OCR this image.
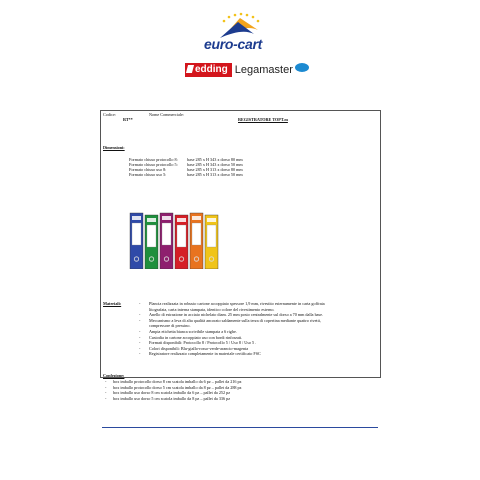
euro-cart
edding Legamaster
Codice:	Nome Commerciale:
RT**	REGISTRATORE TOPT.m
Dimensioni:
Formato chiuso protocollo 8: base 285 x H 343 x dorso 80 mm
Formato chiuso protocollo 5: base 285 x H 343 x dorso 50 mm
Formato chiuso uso 8:	base 285 x H 313 x dorso 80 mm
Formato chiuso uso 5:	base 285 x H 313 x dorso 50 mm
Materiali:	- Plancia realizzata in robusto cartone accoppiato spessore 1,9 mm, rivestito esternamente in carta goffrata
litografata, carta interna stampata, identico colore del rivestimento esterno.
- Anello di estrazione in acciaio nichelato diam. 25 mm posto centralmente sul dorso a 70 mm dalla base.
- Meccanismo a leva di alta qualità ancorato saldamente sulla terza di copertina mediante quattro rivetti,
compressore di pressino.
- Ampia etichetta bianca scrivibile stampata a 6 righe.
- Custodia in cartone accoppiato uso con bordi rinforzati.
- Formati disponibili: Protocollo 8 / Protocollo 5 / Uso 8 / Uso 5 .
- Colori disponibili: Blu-giallo-rosso-verde-arancio-magenta
- Registratore realizzato completamente in materiale certificato FSC
Confezione:
- box imballo protocollo dorso 8 cm scatola imballo da 6 pz – pallet da 216 pz
- box imballo protocollo dorso 5 cm scatola imballo da 8 pz – pallet da 288 pz
- box imballo uso dorso 8 cm scatola imballo da 6 pz – pallet da 252 pz
- box imballo uso dorso 5 cm scatola imballo da 8 pz – pallet da 336 pz
